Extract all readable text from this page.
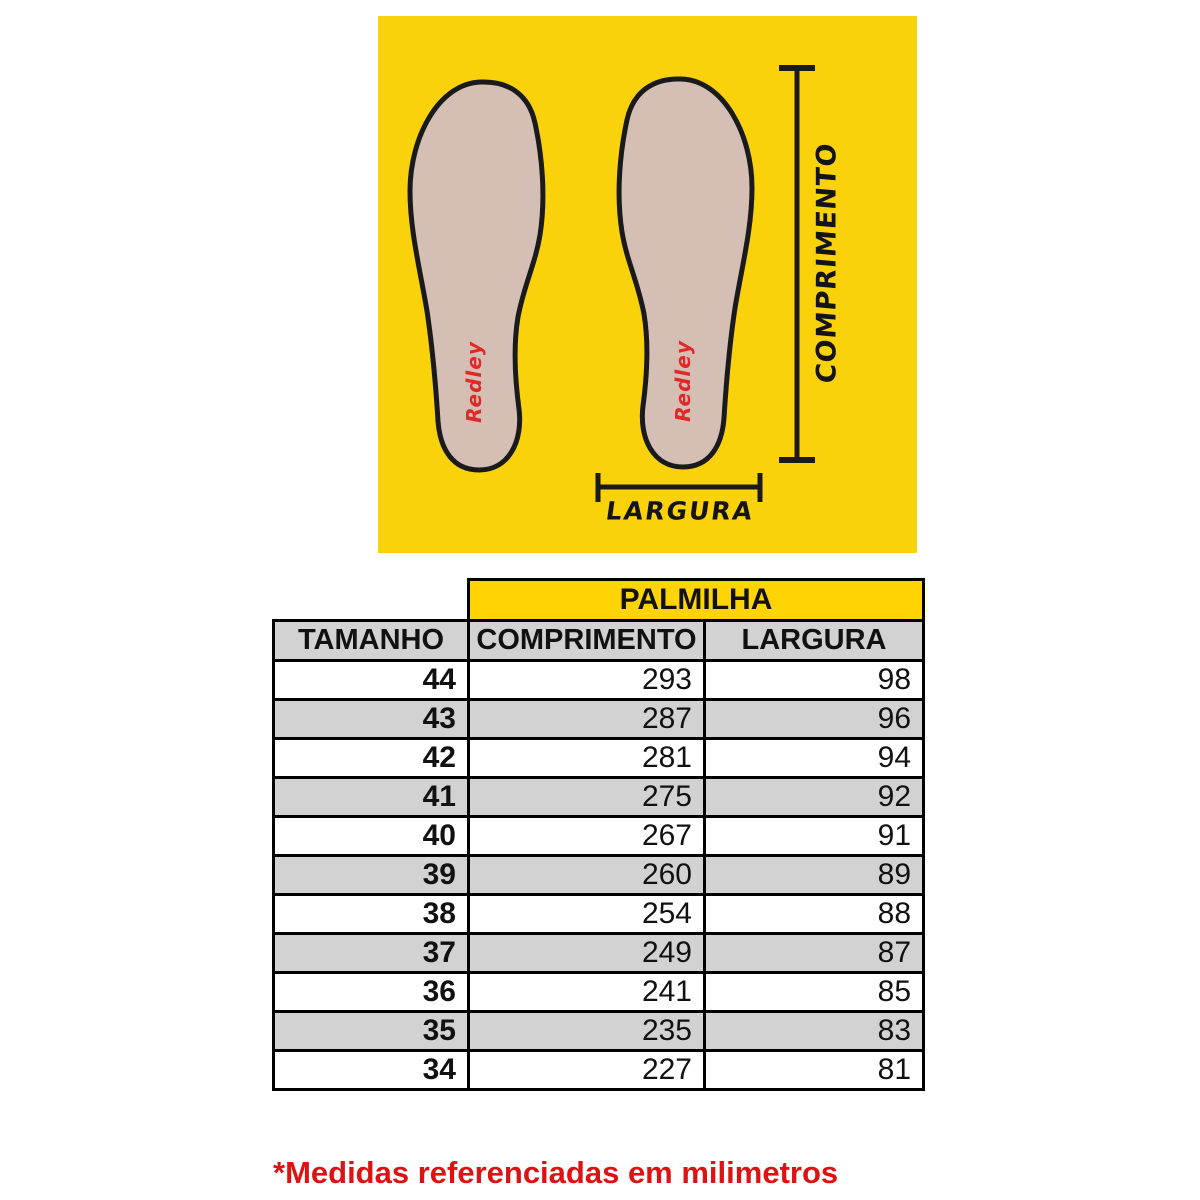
Redley	Redley	COMPRIMENTO
LARGURA
	PALMILHA	
TAMANHO	COMPRIMENTO	LARGURA
44	293	98
43	287	96
42	281	94
41	275	92
40	267	91
39	260	89
38	254	88
37	249	87
36	241	85
35	235	83
34	227	81
*Medidas referenciadas em milimetros
